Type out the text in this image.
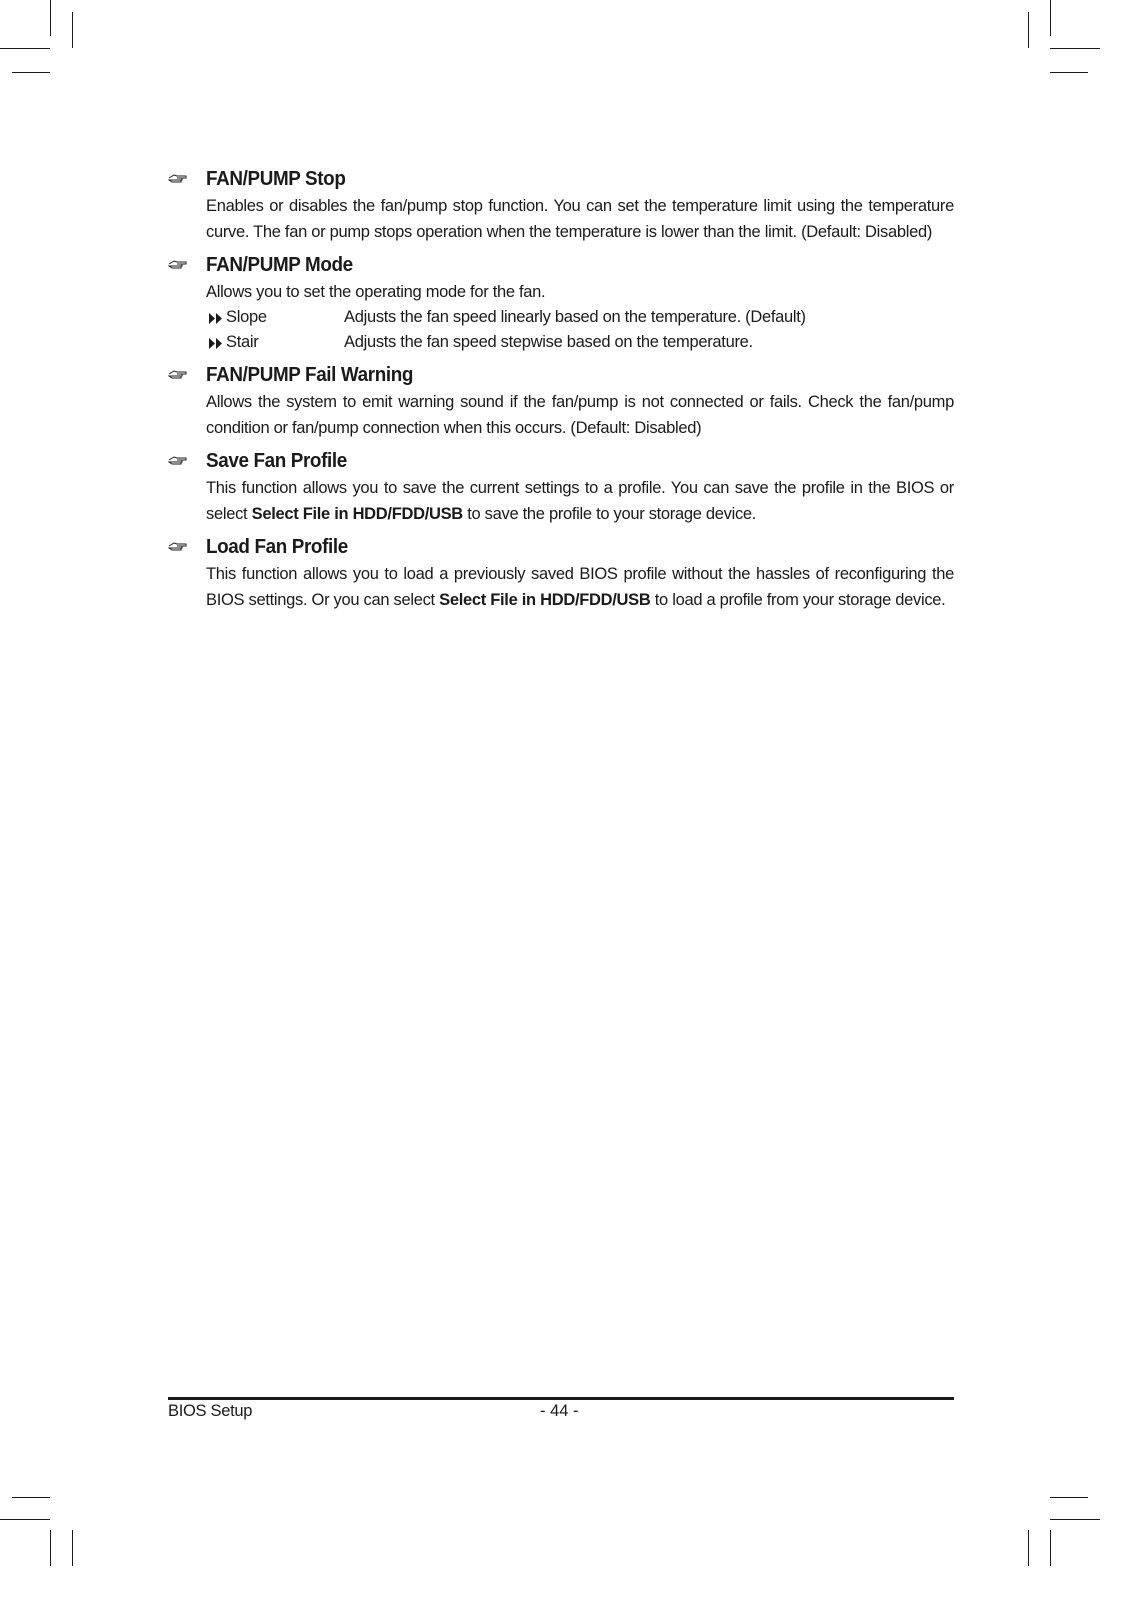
FAN/PUMP Stop
Enables or disables the fan/pump stop function. You can set the temperature limit using the temperature curve. The fan or pump stops operation when the temperature is lower than the limit. (Default: Disabled)
FAN/PUMP Mode
Allows you to set the operating mode for the fan.
Slope	Adjusts the fan speed linearly based on the temperature. (Default)
Stair	Adjusts the fan speed stepwise based on the temperature.
FAN/PUMP Fail Warning
Allows the system to emit warning sound if the fan/pump is not connected or fails. Check the fan/pump condition or fan/pump connection when this occurs. (Default: Disabled)
Save Fan Profile
This function allows you to save the current settings to a profile. You can save the profile in the BIOS or select Select File in HDD/FDD/USB to save the profile to your storage device.
Load Fan Profile
This function allows you to load a previously saved BIOS profile without the hassles of reconfiguring the BIOS settings. Or you can select Select File in HDD/FDD/USB to load a profile from your storage device.
BIOS Setup	- 44 -
